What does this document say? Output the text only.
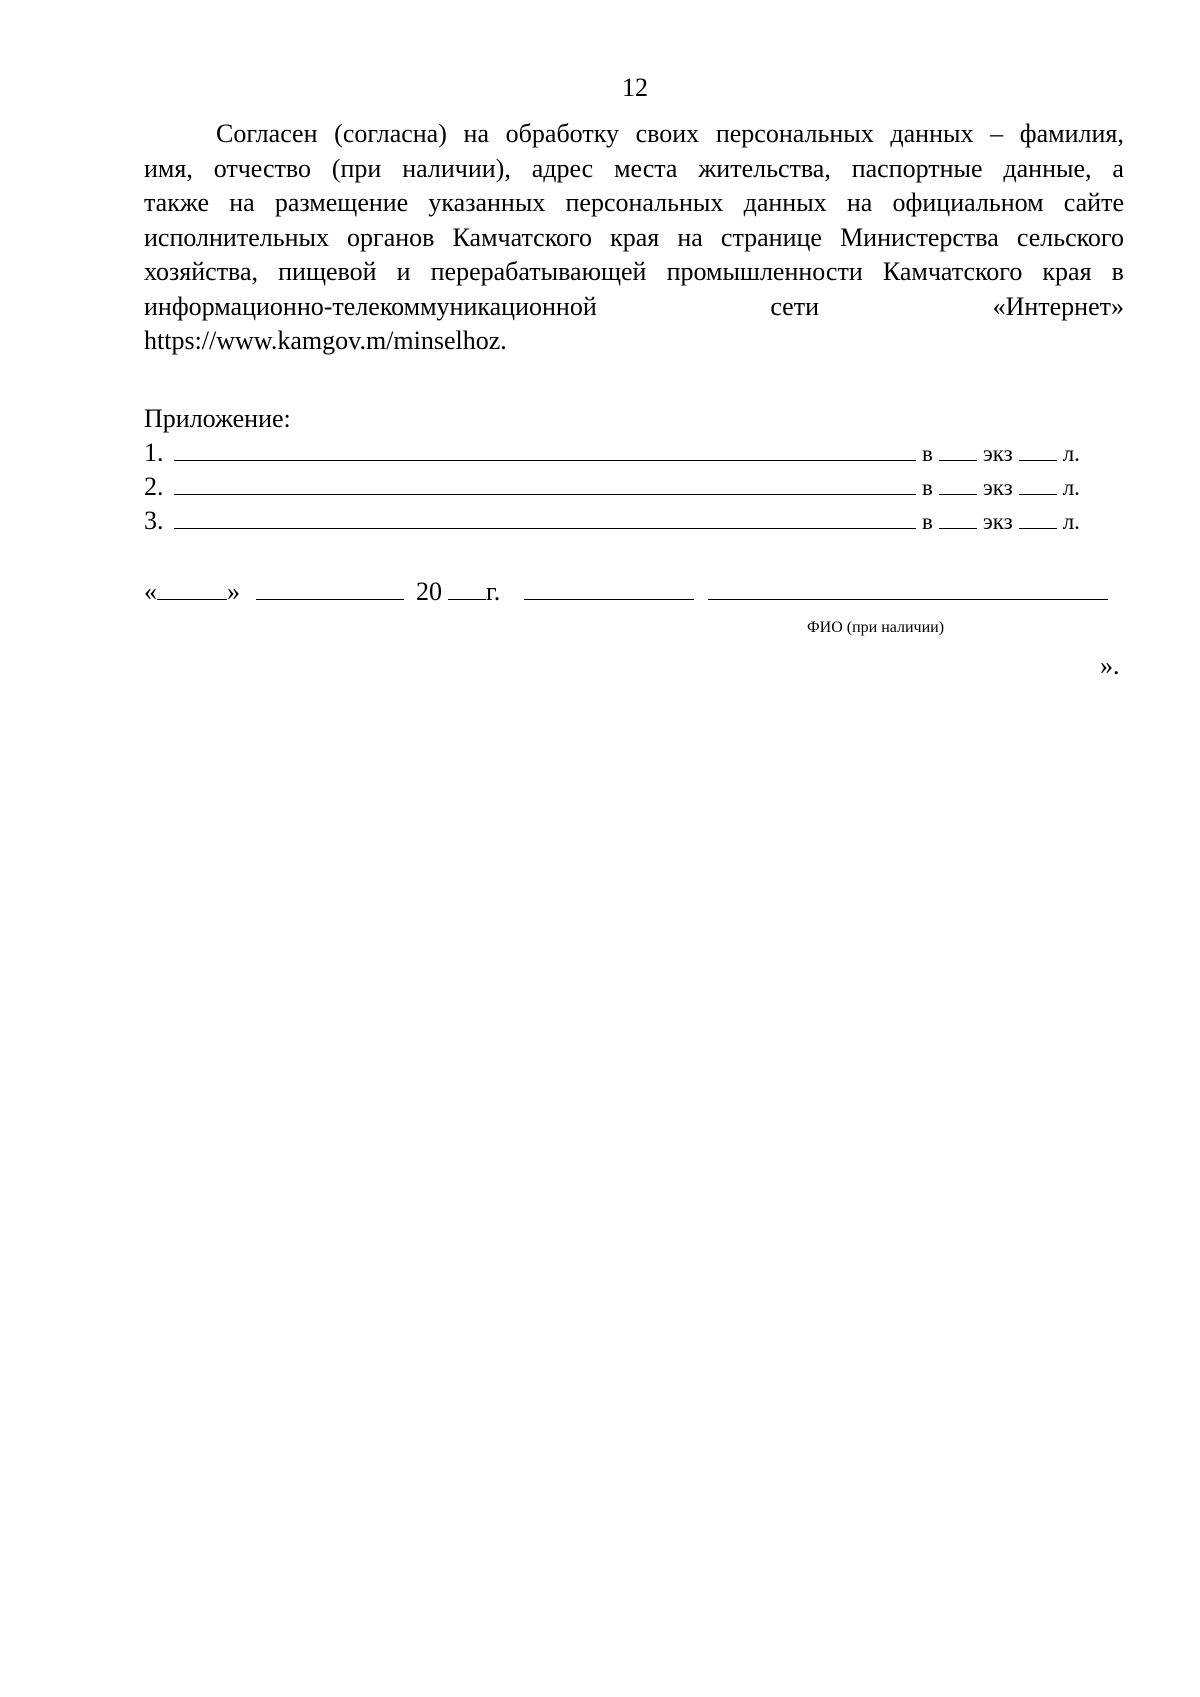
12
Согласен (согласна) на обработку своих персональных данных – фамилия,
имя, отчество (при наличии), адрес места жительства, паспортные данные, а
также на размещение указанных персональных данных на официальном сайте
исполнительных органов Камчатского края на странице Министерства сельского
хозяйства, пищевой и перерабатывающей промышленности Камчатского края в
информационно-телекоммуникационной	сети	«Интернет»
https://www.kamgov.m/minselhoz.
Приложение:
1.	в экз л.
2.	в экз л.
3.	в экз л.
«	»	20 г.
ФИО (при наличии)
».
